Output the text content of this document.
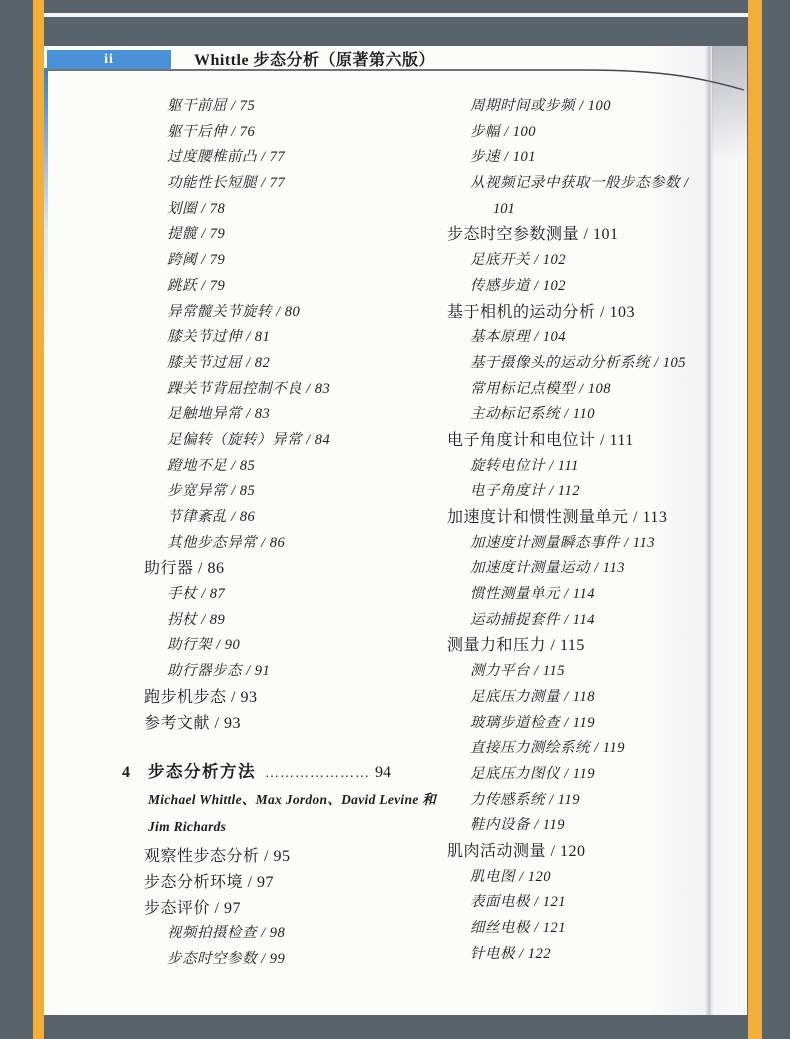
ii	Whittle 步态分析（原著第六版）
躯干前屈 / 75
躯干后伸 / 76
过度腰椎前凸 / 77
功能性长短腿 / 77
划圈 / 78
提髋 / 79
跨阈 / 79
跳跃 / 79
异常髋关节旋转 / 80
膝关节过伸 / 81
膝关节过屈 / 82
踝关节背屈控制不良 / 83
足触地异常 / 83
足偏转（旋转）异常 / 84
蹬地不足 / 85
步宽异常 / 85
节律紊乱 / 86
其他步态异常 / 86
助行器 / 86
手杖 / 87
拐杖 / 89
助行架 / 90
助行器步态 / 91
跑步机步态 / 93
参考文献 / 93
4	步态分析方法 ………………… 94
Michael Whittle、Max Jordon、David Levine 和
Jim Richards
观察性步态分析 / 95
步态分析环境 / 97
步态评价 / 97
视频拍摄检查 / 98
步态时空参数 / 99
周期时间或步频 / 100
步幅 / 100
步速 / 101
从视频记录中获取一般步态参数 /
101
步态时空参数测量 / 101
足底开关 / 102
传感步道 / 102
基于相机的运动分析 / 103
基本原理 / 104
基于摄像头的运动分析系统 / 105
常用标记点模型 / 108
主动标记系统 / 110
电子角度计和电位计 / 111
旋转电位计 / 111
电子角度计 / 112
加速度计和惯性测量单元 / 113
加速度计测量瞬态事件 / 113
加速度计测量运动 / 113
惯性测量单元 / 114
运动捕捉套件 / 114
测量力和压力 / 115
测力平台 / 115
足底压力测量 / 118
玻璃步道检查 / 119
直接压力测绘系统 / 119
足底压力图仪 / 119
力传感系统 / 119
鞋内设备 / 119
肌肉活动测量 / 120
肌电图 / 120
表面电极 / 121
细丝电极 / 121
针电极 / 122
